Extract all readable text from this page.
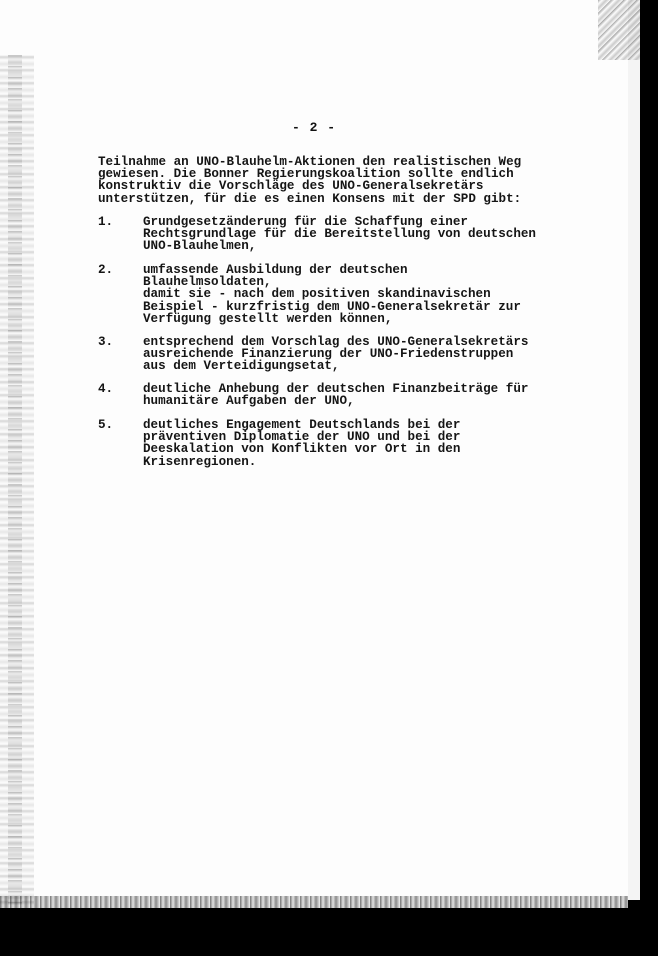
- 2 -
Teilnahme an UNO-Blauhelm-Aktionen den realistischen Weg
gewiesen. Die Bonner Regierungskoalition sollte endlich
konstruktiv die Vorschläge des UNO-Generalsekretärs
unterstützen, für die es einen Konsens mit der SPD gibt:
1. Grundgesetzänderung für die Schaffung einer
Rechtsgrundlage für die Bereitstellung von deutschen
UNO-Blauhelmen,
2. umfassende Ausbildung der deutschen
Blauhelmsoldaten,
damit sie - nach dem positiven skandinavischen
Beispiel - kurzfristig dem UNO-Generalsekretär zur
Verfügung gestellt werden können,
3. entsprechend dem Vorschlag des UNO-Generalsekretärs
ausreichende Finanzierung der UNO-Friedenstruppen
aus dem Verteidigungsetat,
4. deutliche Anhebung der deutschen Finanzbeiträge für
humanitäre Aufgaben der UNO,
5. deutliches Engagement Deutschlands bei der
präventiven Diplomatie der UNO und bei der
Deeskalation von Konflikten vor Ort in den
Krisenregionen.
